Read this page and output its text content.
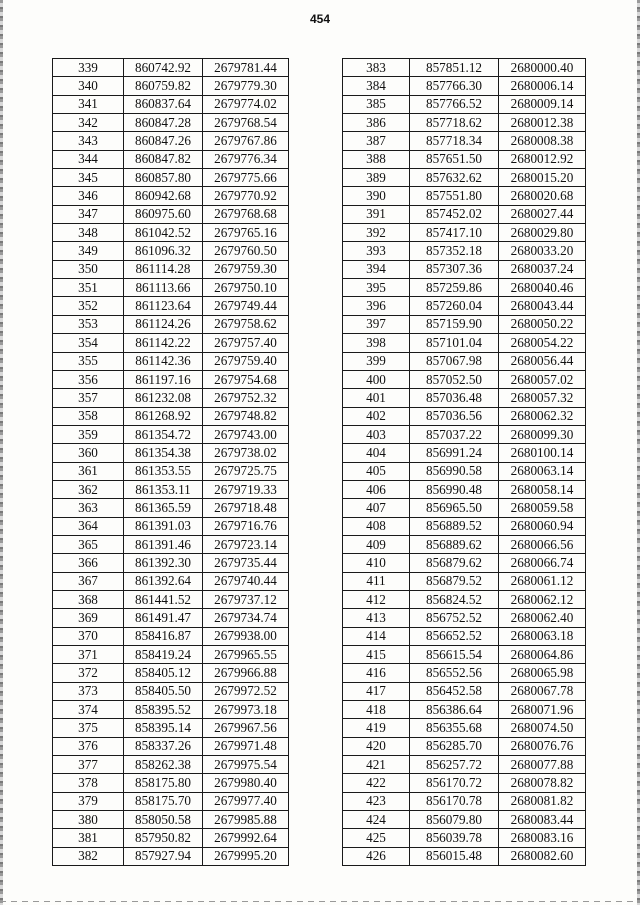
454
339	860742.92	2679781.44
340	860759.82	2679779.30
341	860837.64	2679774.02
342	860847.28	2679768.54
343	860847.26	2679767.86
344	860847.82	2679776.34
345	860857.80	2679775.66
346	860942.68	2679770.92
347	860975.60	2679768.68
348	861042.52	2679765.16
349	861096.32	2679760.50
350	861114.28	2679759.30
351	861113.66	2679750.10
352	861123.64	2679749.44
353	861124.26	2679758.62
354	861142.22	2679757.40
355	861142.36	2679759.40
356	861197.16	2679754.68
357	861232.08	2679752.32
358	861268.92	2679748.82
359	861354.72	2679743.00
360	861354.38	2679738.02
361	861353.55	2679725.75
362	861353.11	2679719.33
363	861365.59	2679718.48
364	861391.03	2679716.76
365	861391.46	2679723.14
366	861392.30	2679735.44
367	861392.64	2679740.44
368	861441.52	2679737.12
369	861491.47	2679734.74
370	858416.87	2679938.00
371	858419.24	2679965.55
372	858405.12	2679966.88
373	858405.50	2679972.52
374	858395.52	2679973.18
375	858395.14	2679967.56
376	858337.26	2679971.48
377	858262.38	2679975.54
378	858175.80	2679980.40
379	858175.70	2679977.40
380	858050.58	2679985.88
381	857950.82	2679992.64
382	857927.94	2679995.20
383	857851.12	2680000.40
384	857766.30	2680006.14
385	857766.52	2680009.14
386	857718.62	2680012.38
387	857718.34	2680008.38
388	857651.50	2680012.92
389	857632.62	2680015.20
390	857551.80	2680020.68
391	857452.02	2680027.44
392	857417.10	2680029.80
393	857352.18	2680033.20
394	857307.36	2680037.24
395	857259.86	2680040.46
396	857260.04	2680043.44
397	857159.90	2680050.22
398	857101.04	2680054.22
399	857067.98	2680056.44
400	857052.50	2680057.02
401	857036.48	2680057.32
402	857036.56	2680062.32
403	857037.22	2680099.30
404	856991.24	2680100.14
405	856990.58	2680063.14
406	856990.48	2680058.14
407	856965.50	2680059.58
408	856889.52	2680060.94
409	856889.62	2680066.56
410	856879.62	2680066.74
411	856879.52	2680061.12
412	856824.52	2680062.12
413	856752.52	2680062.40
414	856652.52	2680063.18
415	856615.54	2680064.86
416	856552.56	2680065.98
417	856452.58	2680067.78
418	856386.64	2680071.96
419	856355.68	2680074.50
420	856285.70	2680076.76
421	856257.72	2680077.88
422	856170.72	2680078.82
423	856170.78	2680081.82
424	856079.80	2680083.44
425	856039.78	2680083.16
426	856015.48	2680082.60
